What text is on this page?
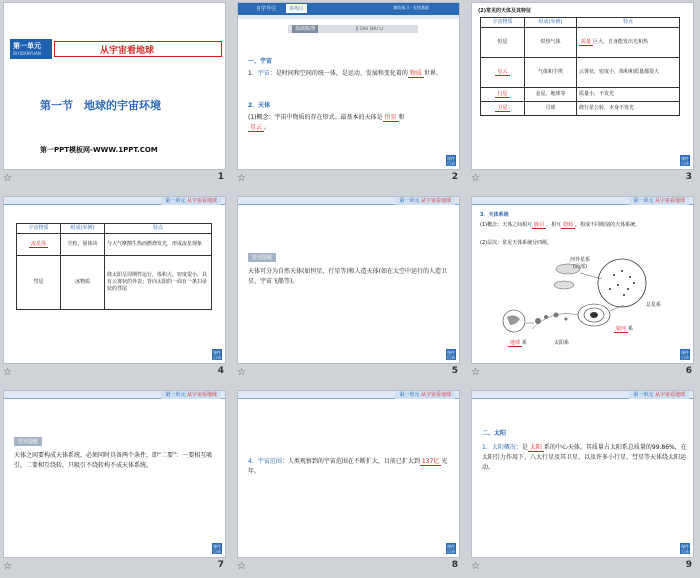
第一单元
DIYIDANYUAN	从宇宙看地球
第一节　地球的宇宙环境
第一PPT模板网-WWW.1PPT.COM
☆	1
自学导引	讲练区	课前预习 · 在线基础
基础梳理	JI CHU SHU LI
一、宇宙
1．宇宙：是时间和空间的统一体，是运动、发展和变化着的 物质 世界。
2．天体
(1)概念：宇宙中物质的存在形式。最基本的天体是 恒星 和
星云 。
课件 目录
☆	2
(2)常见的天体及其特征
宇宙物质	组成(举例)	特点
恒星	炽热气体	质量 巨大，自身能发出光和热
星云	气体和尘埃	云雾状，密度小，体积和质量都很大
行星	金星、地球等	质量小，不发光
卫星	月球	绕行星公转，本身不发光
课件 目录
☆	3
第一单元 从宇宙看地球
宇宙物质	组成(举例)	特点
流星体	尘粒、固体块	与大气摩擦生热而燃烧发光，形成流星现象
彗星	冰物质	绕太阳呈周期性运行，体积大，密度很小，具有云雾状的外表；背向太阳的一面有一条扫帚状的彗尾
课件 目录
☆	4
第一单元 从宇宙看地球
特别提醒
天体可分为自然天体(如恒星、行星等)和人造天体(如在太空中运行的人造卫星、宇宙飞船等)。
课件 目录
☆	5
第一单元 从宇宙看地球
3．天体系统
(1)概念：天体之间相互 吸引 、相互 绕转 ，构成不同级别的天体系统。
(2)层次：常见天体系统分四级。
河外星系
(局部)
总星系
银河 系
地球 系	太阳系
课件 目录
☆	6
第一单元 从宇宙看地球
特别提醒
天体之间要构成天体系统，必须同时具备两个条件，即“二要”：一要相互吸引，二要相互绕转，只吸引不绕转构不成天体系统。
课件 目录
☆	7
第一单元 从宇宙看地球
4．宇宙范围：人类观察到的宇宙范围在不断扩大，目前已扩大到 137亿 光年。
课件 目录
☆	8
第一单元 从宇宙看地球
二、太阳
1．太阳概况：是 太阳 系的中心天体，其质量占太阳系总质量的99.86%，在太阳引力作用下，八大行星及其卫星、以及许多小行星、彗星等天体绕太阳运动。
课件 目录
☆	9
